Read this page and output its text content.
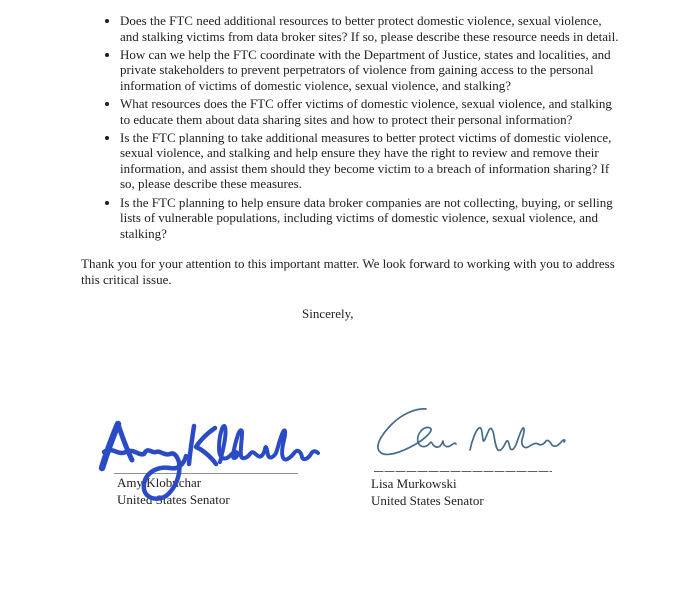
• Does the FTC need additional resources to better protect domestic violence, sexual violence, and stalking victims from data broker sites? If so, please describe these resource needs in detail.
• How can we help the FTC coordinate with the Department of Justice, states and localities, and private stakeholders to prevent perpetrators of violence from gaining access to the personal information of victims of domestic violence, sexual violence, and stalking?
• What resources does the FTC offer victims of domestic violence, sexual violence, and stalking to educate them about data sharing sites and how to protect their personal information?
• Is the FTC planning to take additional measures to better protect victims of domestic violence, sexual violence, and stalking and help ensure they have the right to review and remove their information, and assist them should they become victim to a breach of information sharing? If so, please describe these measures.
• Is the FTC planning to help ensure data broker companies are not collecting, buying, or selling lists of vulnerable populations, including victims of domestic violence, sexual violence, and stalking?

Thank you for your attention to this important matter. We look forward to working with you to address this critical issue.

Sincerely,

Amy Klobuchar
United States Senator
Lisa Murkowski
United States Senator
